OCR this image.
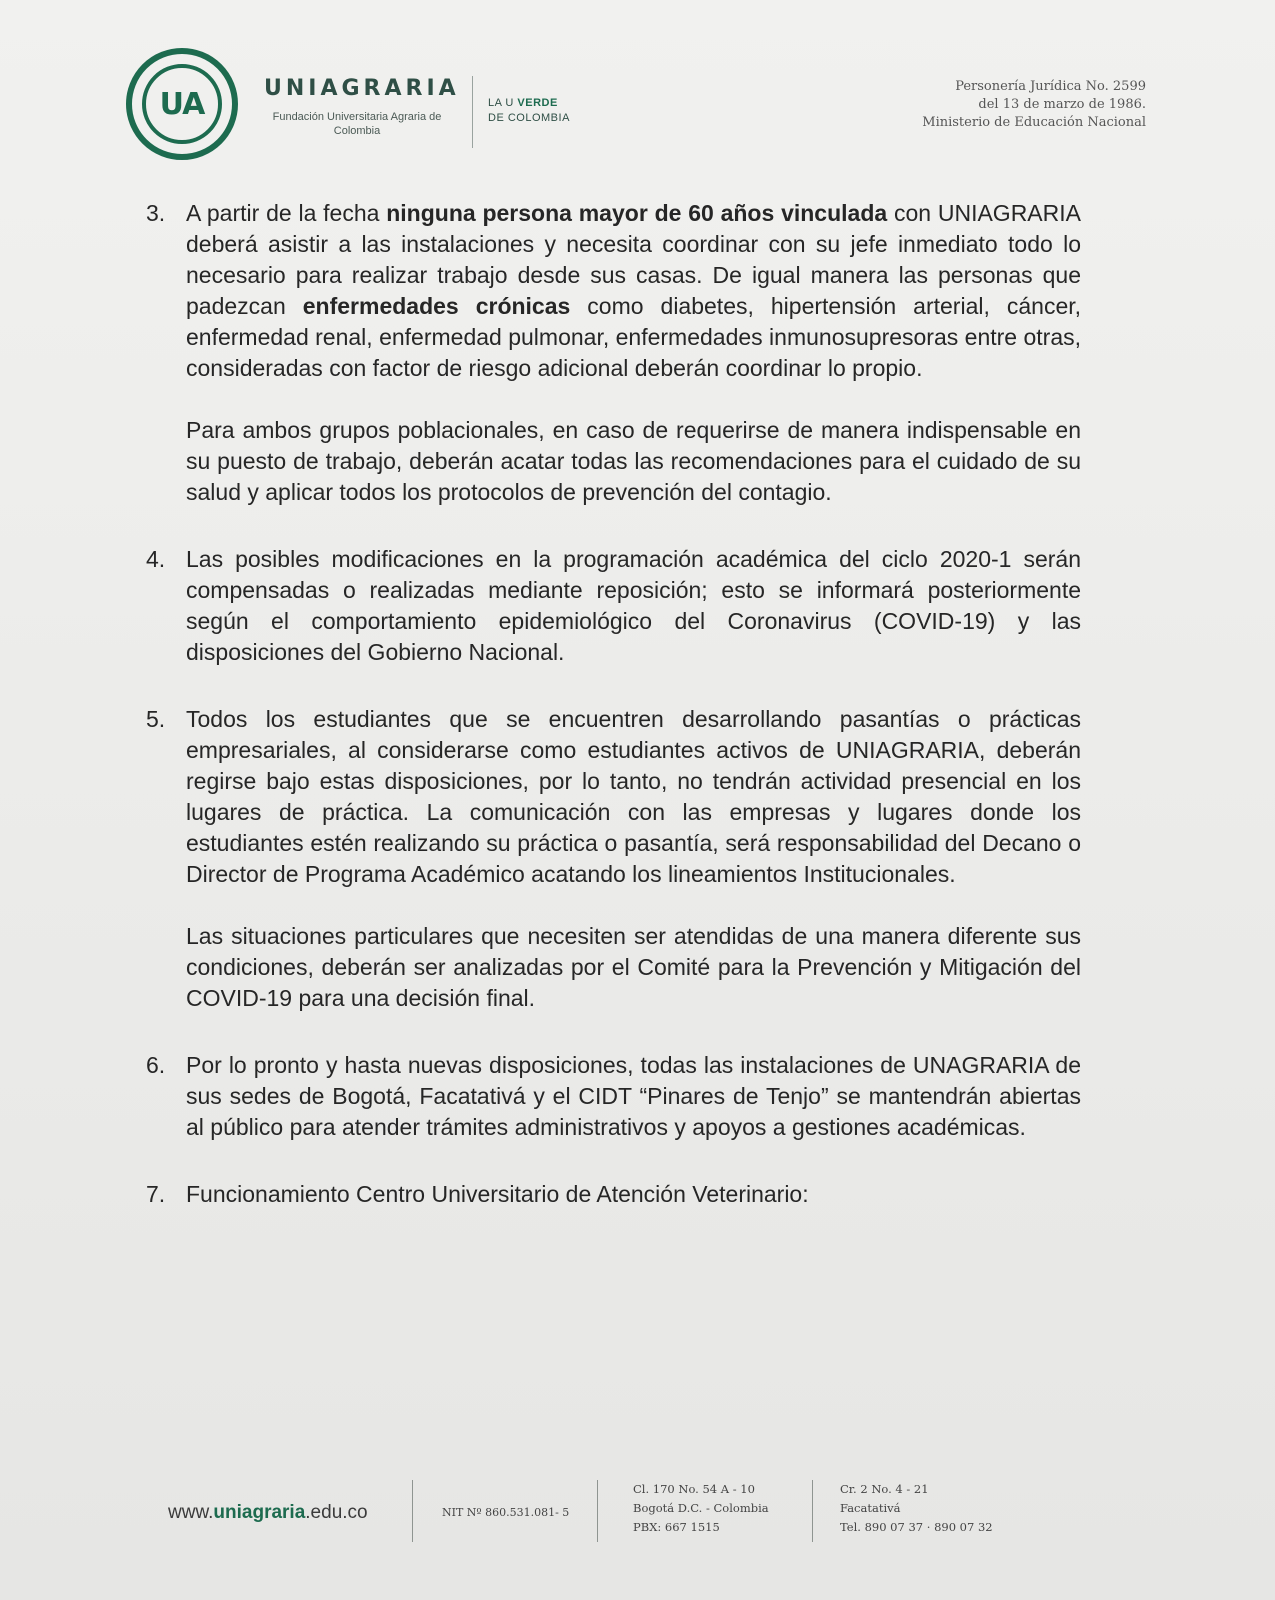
UA	UNIAGRARIA
Fundación Universitaria Agraria de Colombia
LA U VERDE
DE COLOMBIA
Personería Jurídica No. 2599
del 13 de marzo de 1986.
Ministerio de Educación Nacional
3. A partir de la fecha ninguna persona mayor de 60 años vinculada con UNIAGRARIA deberá asistir a las instalaciones y necesita coordinar con su jefe inmediato todo lo necesario para realizar trabajo desde sus casas. De igual manera las personas que padezcan enfermedades crónicas como diabetes, hipertensión arterial, cáncer, enfermedad renal, enfermedad pulmonar, enfermedades inmunosupresoras entre otras, consideradas con factor de riesgo adicional deberán coordinar lo propio.

Para ambos grupos poblacionales, en caso de requerirse de manera indispensable en su puesto de trabajo, deberán acatar todas las recomendaciones para el cuidado de su salud y aplicar todos los protocolos de prevención del contagio.

4. Las posibles modificaciones en la programación académica del ciclo 2020-1 serán compensadas o realizadas mediante reposición; esto se informará posteriormente según el comportamiento epidemiológico del Coronavirus (COVID-19) y las disposiciones del Gobierno Nacional.

5. Todos los estudiantes que se encuentren desarrollando pasantías o prácticas empresariales, al considerarse como estudiantes activos de UNIAGRARIA, deberán regirse bajo estas disposiciones, por lo tanto, no tendrán actividad presencial en los lugares de práctica. La comunicación con las empresas y lugares donde los estudiantes estén realizando su práctica o pasantía, será responsabilidad del Decano o Director de Programa Académico acatando los lineamientos Institucionales.

Las situaciones particulares que necesiten ser atendidas de una manera diferente sus condiciones, deberán ser analizadas por el Comité para la Prevención y Mitigación del COVID-19 para una decisión final.

6. Por lo pronto y hasta nuevas disposiciones, todas las instalaciones de UNAGRARIA de sus sedes de Bogotá, Facatativá y el CIDT “Pinares de Tenjo” se mantendrán abiertas al público para atender trámites administrativos y apoyos a gestiones académicas.

7. Funcionamiento Centro Universitario de Atención Veterinario:

www.uniagraria.edu.co	NIT Nº 860.531.081- 5
Cl. 170 No. 54 A - 10
Bogotá D.C. - Colombia
PBX: 667 1515
Cr. 2 No. 4 - 21
Facatativá
Tel. 890 07 37 · 890 07 32
